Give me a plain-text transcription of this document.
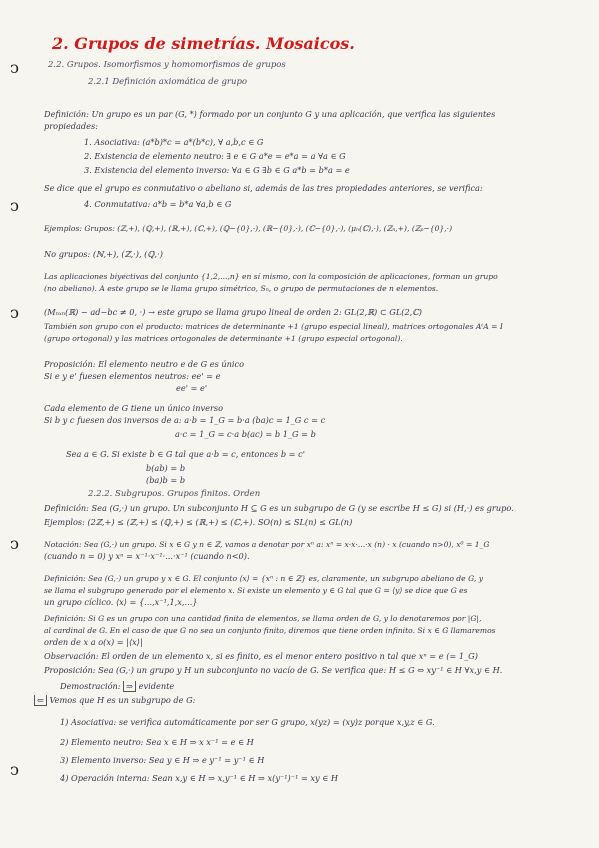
ↄ
ↄ
ↄ
ↄ
ↄ
2. Grupos de simetrías. Mosaicos.
2.2. Grupos. Isomorfismos y homomorfismos de grupos
2.2.1 Definición axiomática de grupo
Definición: Un grupo es un par (G, *) formado por un conjunto G y una aplicación, que verifica las siguientes
propiedades:
1. Asociativa: (a*b)*c = a*(b*c), ∀ a,b,c ∈ G
2. Existencia de elemento neutro: ∃ e ∈ G a*e = e*a = a ∀a ∈ G
3. Existencia del elemento inverso: ∀a ∈ G ∃b ∈ G a*b = b*a = e
Se dice que el grupo es conmutativo o abeliano si, además de las tres propiedades anteriores, se verifica:
4. Conmutativa: a*b = b*a ∀a,b ∈ G
Ejemplos: Grupos: (ℤ,+), (ℚ,+), (ℝ,+), (ℂ,+), (ℚ−{0},·), (ℝ−{0},·), (ℂ−{0},·), (μₙ(ℂ),·), (ℤₙ,+), (ℤₚ−{0},·)
No grupos: (ℕ,+), (ℤ,·), (ℚ,·)
Las aplicaciones biyectivas del conjunto {1,2,...,n} en sí mismo, con la composición de aplicaciones, forman un grupo
(no abeliano). A este grupo se le llama grupo simétrico, Sₙ, o grupo de permutaciones de n elementos.
(Mₙₓₙ(ℝ) − ad−bc ≠ 0, ·) → este grupo se llama grupo lineal de orden 2: GL(2,ℝ) ⊂ GL(2,ℂ)
También son grupo con el producto: matrices de determinante +1 (grupo especial lineal), matrices ortogonales AᵗA = I
(grupo ortogonal) y las matrices ortogonales de determinante +1 (grupo especial ortogonal).
Proposición: El elemento neutro e de G es único
Si e y e' fuesen elementos neutros: ee' = e
ee' = e'
Cada elemento de G tiene un único inverso
Si b y c fuesen dos inversos de a: a·b = 1_G = b·a (ba)c = 1_G c = c
a·c = 1_G = c·a b(ac) = b 1_G = b
Sea a ∈ G. Si existe b ∈ G tal que a·b = c, entonces b = c'
b(ab) = b
(ba)b = b
2.2.2. Subgrupos. Grupos finitos. Orden
Definición: Sea (G,·) un grupo. Un subconjunto H ⊆ G es un subgrupo de G (y se escribe H ≤ G) si (H,·) es grupo.
Ejemplos: (2ℤ,+) ≤ (ℤ,+) ≤ (ℚ,+) ≤ (ℝ,+) ≤ (ℂ,+). SO(n) ≤ SL(n) ≤ GL(n)
Notación: Sea (G,·) un grupo. Si x ∈ G y n ∈ ℤ, vamos a denotar por xⁿ a: xⁿ = x·x·...·x (n) · x (cuando n>0), x⁰ = 1_G
(cuando n = 0) y xⁿ = x⁻¹·x⁻¹·...·x⁻¹ (cuando n<0).
Definición: Sea (G,·) un grupo y x ∈ G. El conjunto ⟨x⟩ = {xⁿ : n ∈ ℤ} es, claramente, un subgrupo abeliano de G, y
se llama el subgrupo generado por el elemento x. Si existe un elemento y ∈ G tal que G = ⟨y⟩ se dice que G es
un grupo cíclico. ⟨x⟩ = {...,x⁻¹,1,x,...}
Definición: Si G es un grupo con una cantidad finita de elementos, se llama orden de G, y lo denotaremos por |G|,
al cardinal de G. En el caso de que G no sea un conjunto finito, diremos que tiene orden infinito. Si x ∈ G llamaremos
orden de x a o(x) = |⟨x⟩|
Observación: El orden de un elemento x, si es finito, es el menor entero positivo n tal que xⁿ = e (= 1_G)
Proposición: Sea (G,·) un grupo y H un subconjunto no vacío de G. Se verifica que: H ≤ G ⇔ xy⁻¹ ∈ H ∀x,y ∈ H.
Demostración: ⇒ evidente
⇐ Vemos que H es un subgrupo de G:
1) Asociativa: se verifica automáticamente por ser G grupo, x(yz) = (xy)z porque x,y,z ∈ G.
2) Elemento neutro: Sea x ∈ H ⇒ x x⁻¹ = e ∈ H
3) Elemento inverso: Sea y ∈ H ⇒ e y⁻¹ = y⁻¹ ∈ H
4) Operación interna: Sean x,y ∈ H ⇒ x,y⁻¹ ∈ H ⇒ x(y⁻¹)⁻¹ = xy ∈ H
